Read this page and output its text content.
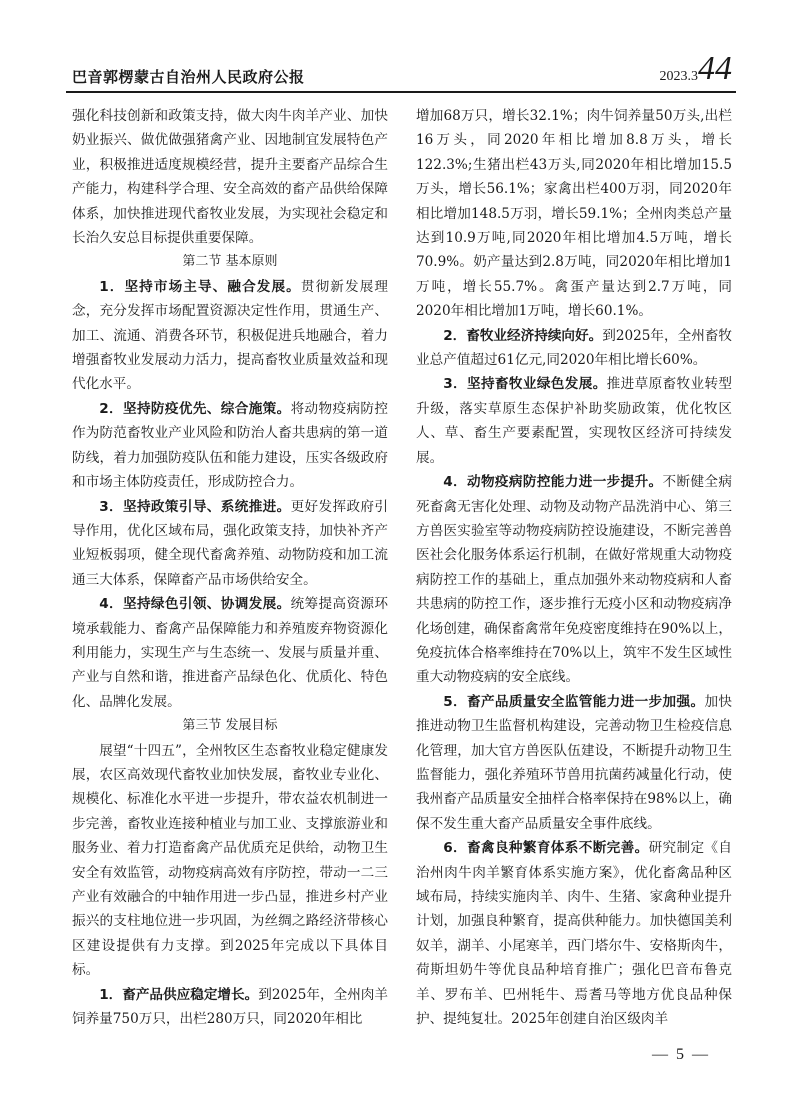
巴音郭楞蒙古自治州人民政府公报	2023.3 44

强化科技创新和政策支持，做大肉牛肉羊产业、加快奶业振兴、做优做强猪禽产业、因地制宜发展特色产业，积极推进适度规模经营，提升主要畜产品综合生产能力，构建科学合理、安全高效的畜产品供给保障体系，加快推进现代畜牧业发展，为实现社会稳定和长治久安总目标提供重要保障。

第二节 基本原则

1．坚持市场主导、融合发展。贯彻新发展理念，充分发挥市场配置资源决定性作用，贯通生产、加工、流通、消费各环节，积极促进兵地融合，着力增强畜牧业发展动力活力，提高畜牧业质量效益和现代化水平。

2．坚持防疫优先、综合施策。将动物疫病防控作为防范畜牧业产业风险和防治人畜共患病的第一道防线，着力加强防疫队伍和能力建设，压实各级政府和市场主体防疫责任，形成防控合力。

3．坚持政策引导、系统推进。更好发挥政府引导作用，优化区域布局，强化政策支持，加快补齐产业短板弱项，健全现代畜禽养殖、动物防疫和加工流通三大体系，保障畜产品市场供给安全。

4．坚持绿色引领、协调发展。统筹提高资源环境承载能力、畜禽产品保障能力和养殖废弃物资源化利用能力，实现生产与生态统一、发展与质量并重、产业与自然和谐，推进畜产品绿色化、优质化、特色化、品牌化发展。

第三节 发展目标

展望“十四五”，全州牧区生态畜牧业稳定健康发展，农区高效现代畜牧业加快发展，畜牧业专业化、规模化、标准化水平进一步提升，带农益农机制进一步完善，畜牧业连接种植业与加工业、支撑旅游业和服务业、着力打造畜禽产品优质充足供给，动物卫生安全有效监管，动物疫病高效有序防控，带动一二三产业有效融合的中轴作用进一步凸显，推进乡村产业振兴的支柱地位进一步巩固，为丝绸之路经济带核心区建设提供有力支撑。到2025年完成以下具体目标。

1．畜产品供应稳定增长。到2025年，全州肉羊饲养量750万只，出栏280万只，同2020年相比

增加68万只，增长32.1%；肉牛饲养量50万头,出栏16万头，同2020年相比增加8.8万头，增长122.3%;生猪出栏43万头,同2020年相比增加15.5万头，增长56.1%；家禽出栏400万羽，同2020年相比增加148.5万羽，增长59.1%；全州肉类总产量达到10.9万吨,同2020年相比增加4.5万吨，增长70.9%。奶产量达到2.8万吨，同2020年相比增加1万吨，增长55.7%。禽蛋产量达到2.7万吨，同2020年相比增加1万吨，增长60.1%。

2．畜牧业经济持续向好。到2025年，全州畜牧业总产值超过61亿元,同2020年相比增长60%。

3．坚持畜牧业绿色发展。推进草原畜牧业转型升级，落实草原生态保护补助奖励政策，优化牧区人、草、畜生产要素配置，实现牧区经济可持续发展。

4．动物疫病防控能力进一步提升。不断健全病死畜禽无害化处理、动物及动物产品洗消中心、第三方兽医实验室等动物疫病防控设施建设，不断完善兽医社会化服务体系运行机制，在做好常规重大动物疫病防控工作的基础上，重点加强外来动物疫病和人畜共患病的防控工作，逐步推行无疫小区和动物疫病净化场创建，确保畜禽常年免疫密度维持在90%以上，免疫抗体合格率维持在70%以上，筑牢不发生区域性重大动物疫病的安全底线。

5．畜产品质量安全监管能力进一步加强。加快推进动物卫生监督机构建设，完善动物卫生检疫信息化管理，加大官方兽医队伍建设，不断提升动物卫生监督能力，强化养殖环节兽用抗菌药减量化行动，使我州畜产品质量安全抽样合格率保持在98%以上，确保不发生重大畜产品质量安全事件底线。

6．畜禽良种繁育体系不断完善。研究制定《自治州肉牛肉羊繁育体系实施方案》，优化畜禽品种区域布局，持续实施肉羊、肉牛、生猪、家禽种业提升计划，加强良种繁育，提高供种能力。加快德国美利奴羊，湖羊、小尾寒羊，西门塔尔牛、安格斯肉牛，荷斯坦奶牛等优良品种培育推广；强化巴音布鲁克羊、罗布羊、巴州牦牛、焉耆马等地方优良品种保护、提纯复壮。2025年创建自治区级肉羊

— 5 —
